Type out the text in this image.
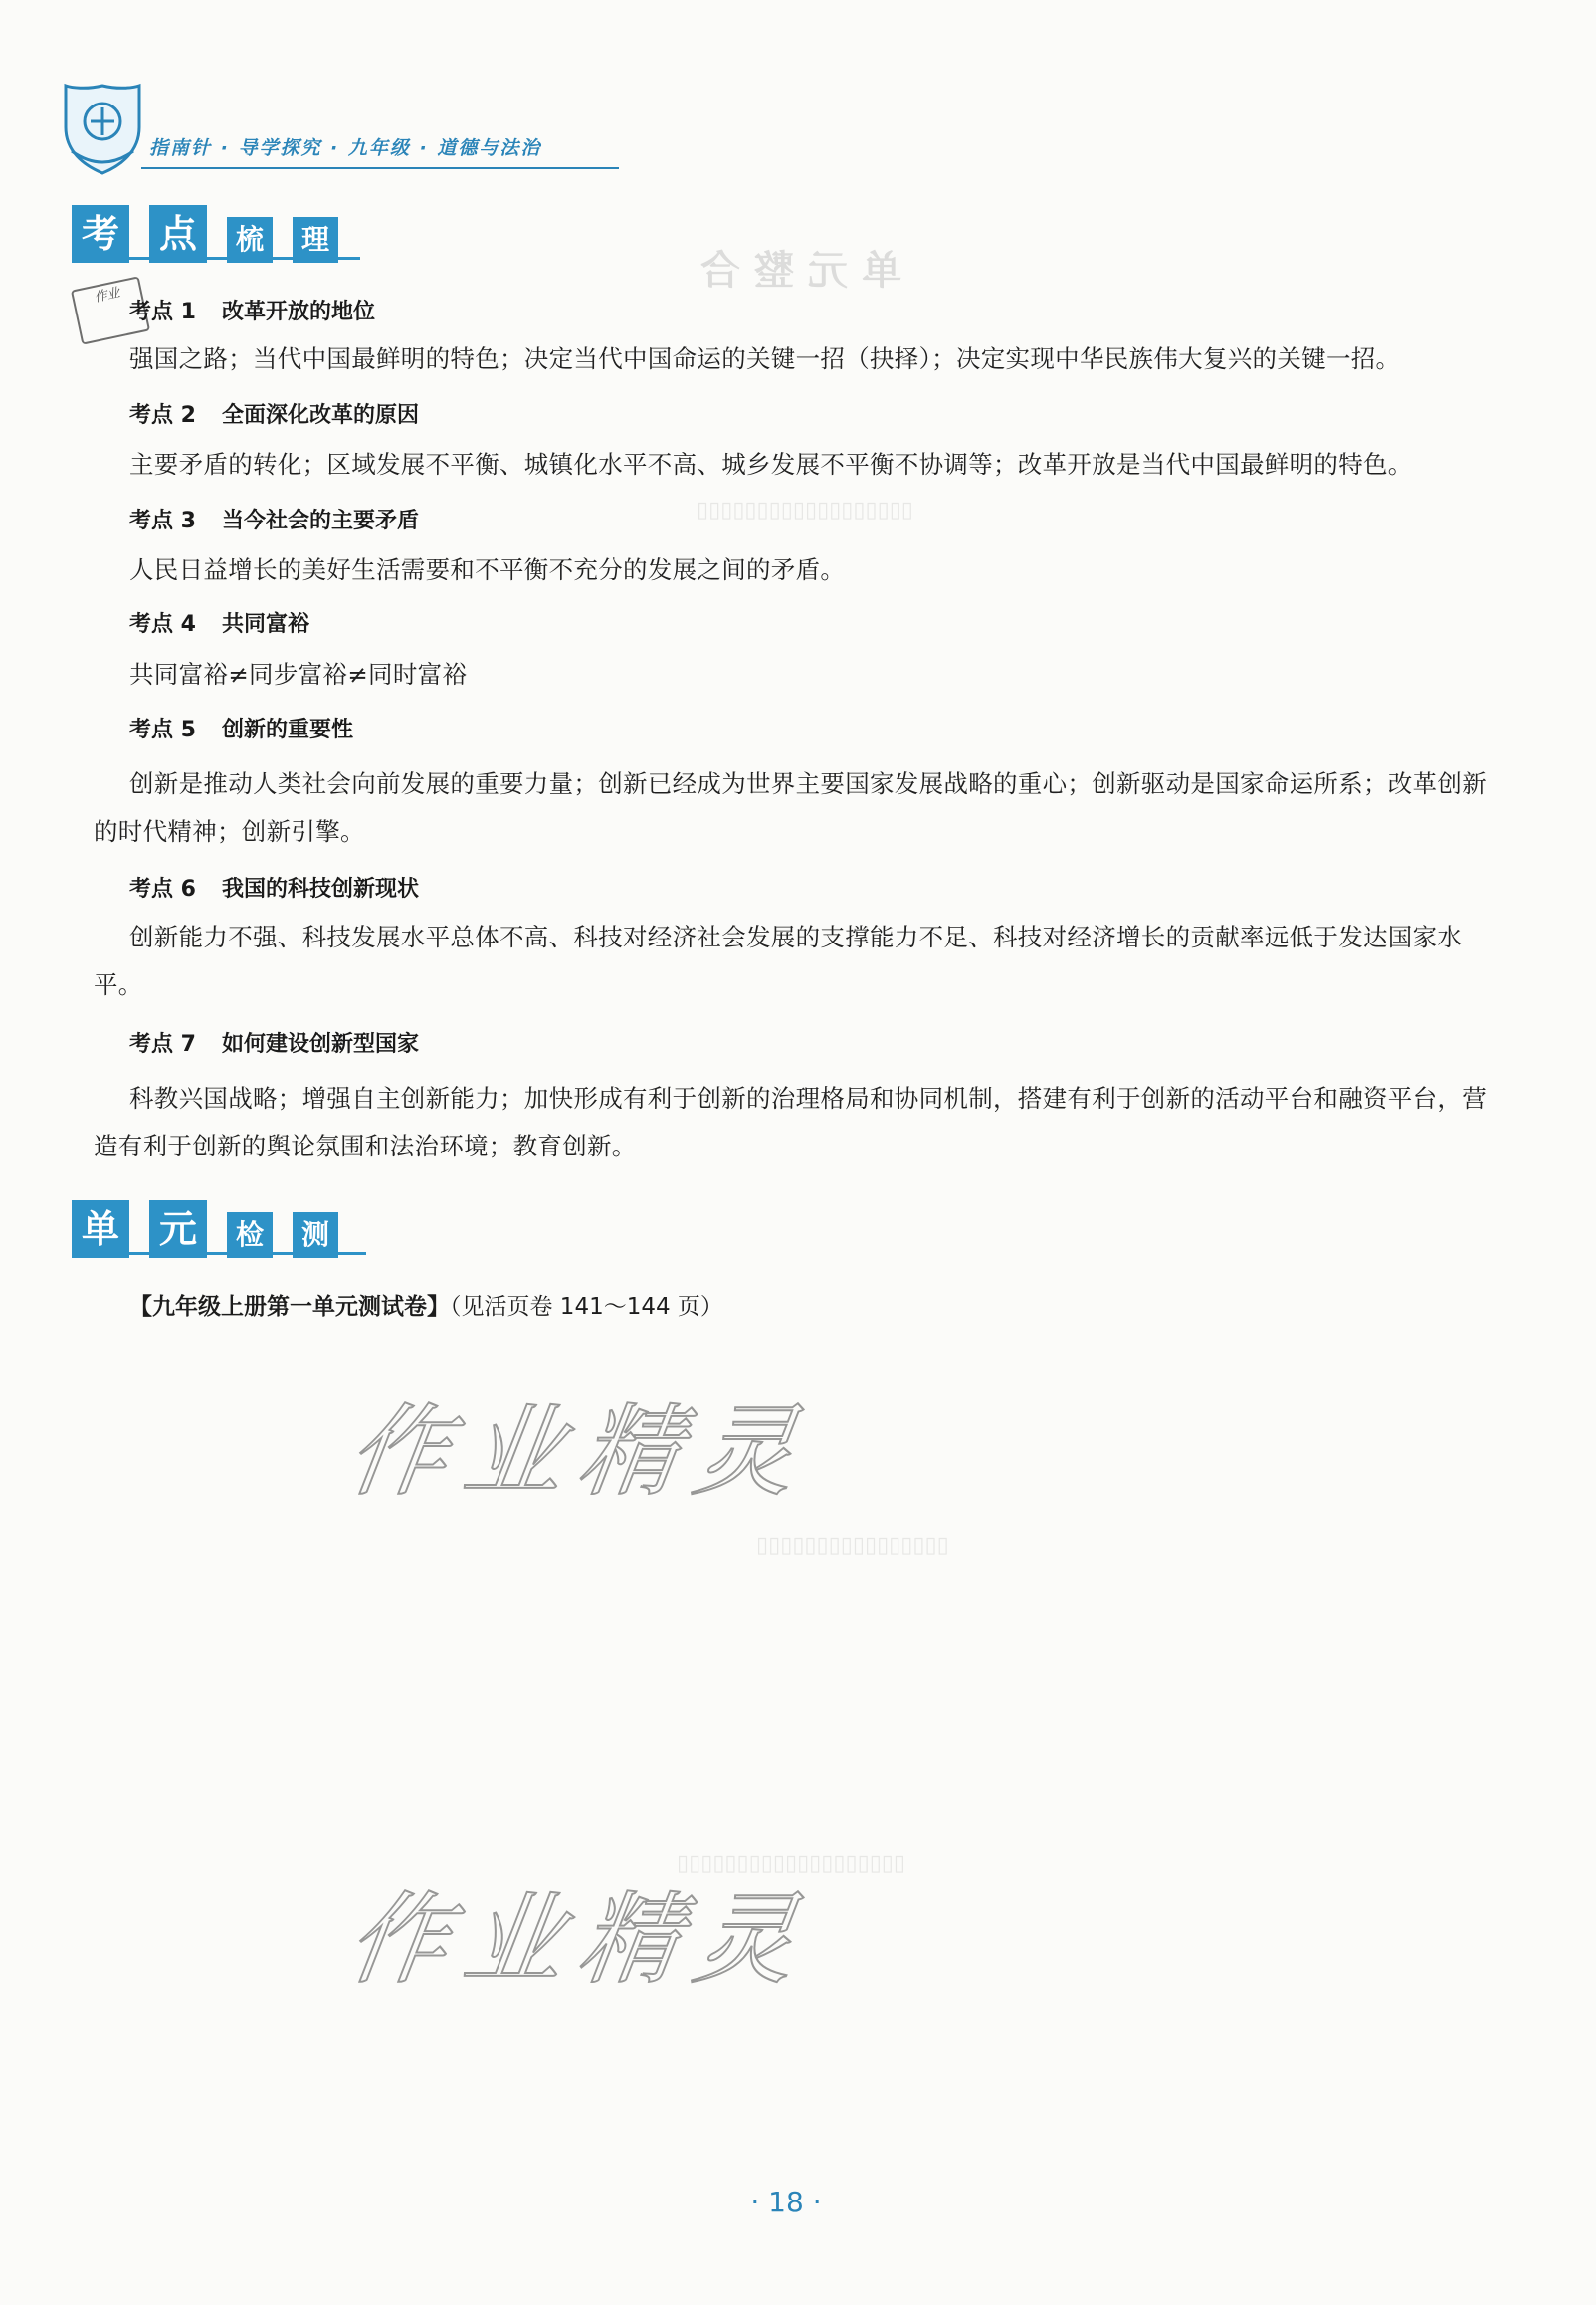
指南针 · 导学探究 · 九年级 · 道德与法治
单元整合
▯▯▯▯▯▯▯▯▯▯▯▯▯▯▯▯▯▯
▯▯▯▯▯▯▯▯▯▯▯▯▯▯▯▯
▯▯▯▯▯▯▯▯▯▯▯▯▯▯▯▯▯▯▯
考 点	梳	理
作业
考点 1 改革开放的地位
强国之路；当代中国最鲜明的特色；决定当代中国命运的关键一招（抉择）；决定实现中华民族伟大复兴的关键一招。
考点 2 全面深化改革的原因
主要矛盾的转化；区域发展不平衡、城镇化水平不高、城乡发展不平衡不协调等；改革开放是当代中国最鲜明的特色。
考点 3 当今社会的主要矛盾
人民日益增长的美好生活需要和不平衡不充分的发展之间的矛盾。
考点 4 共同富裕
共同富裕≠同步富裕≠同时富裕
考点 5 创新的重要性
创新是推动人类社会向前发展的重要力量；创新已经成为世界主要国家发展战略的重心；创新驱动是国家命运所系；改革创新的时代精神；创新引擎。
考点 6 我国的科技创新现状
创新能力不强、科技发展水平总体不高、科技对经济社会发展的支撑能力不足、科技对经济增长的贡献率远低于发达国家水平。
考点 7 如何建设创新型国家
科教兴国战略；增强自主创新能力；加快形成有利于创新的治理格局和协同机制，搭建有利于创新的活动平台和融资平台，营造有利于创新的舆论氛围和法治环境；教育创新。
单 元	检	测
【九年级上册第一单元测试卷】（见活页卷 141～144 页）
作业精灵
作业精灵
· 18 ·
